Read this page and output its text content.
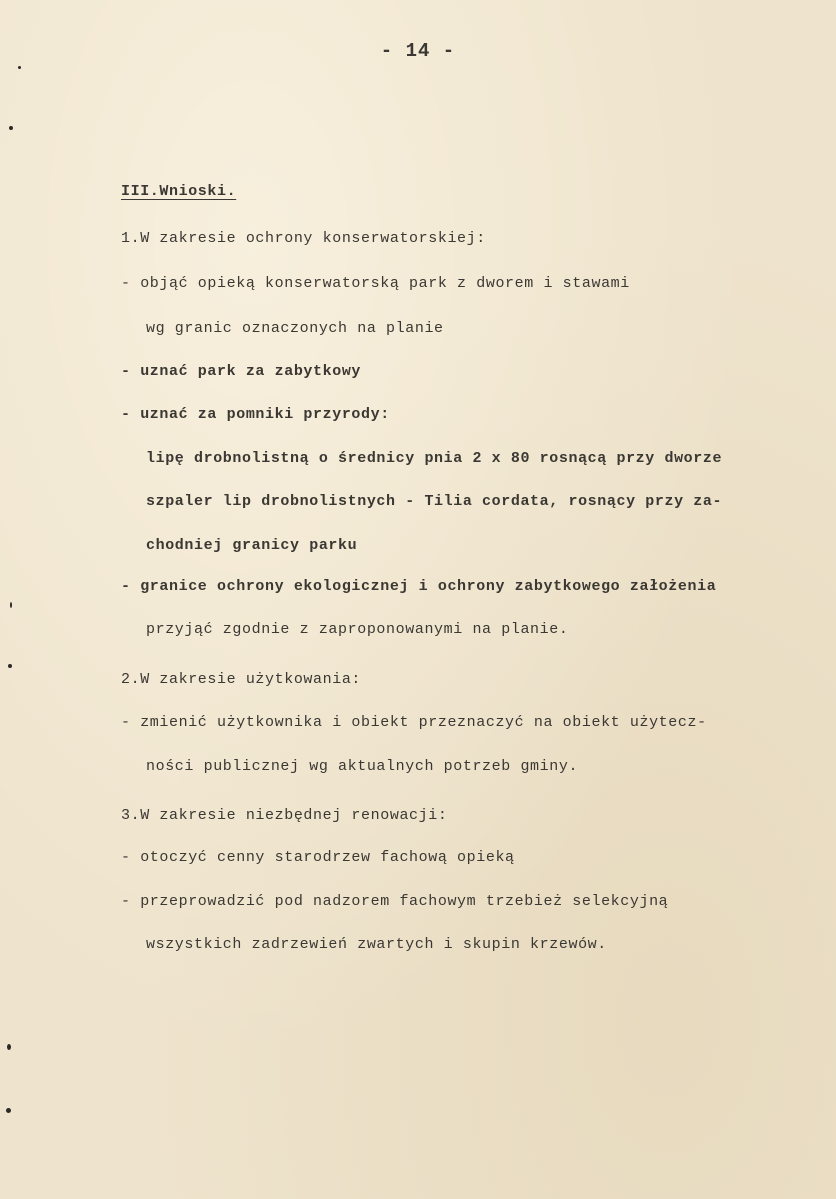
- 14 -
III.Wnioski.
1.W zakresie ochrony konserwatorskiej:
- objąć opieką konserwatorską park z dworem i stawami
wg granic oznaczonych na planie
- uznać park za zabytkowy
- uznać za pomniki przyrody:
lipę drobnolistną o średnicy pnia 2 x 80 rosnącą przy dworze
szpaler lip drobnolistnych - Tilia cordata, rosnący przy za-
chodniej granicy parku
- granice ochrony ekologicznej i ochrony zabytkowego założenia
przyjąć zgodnie z zaproponowanymi na planie.
2.W zakresie użytkowania:
- zmienić użytkownika i obiekt przeznaczyć na obiekt użytecz-
ności publicznej wg aktualnych potrzeb gminy.
3.W zakresie niezbędnej renowacji:
- otoczyć cenny starodrzew fachową opieką
- przeprowadzić pod nadzorem fachowym trzebież selekcyjną
wszystkich zadrzewień zwartych i skupin krzewów.
